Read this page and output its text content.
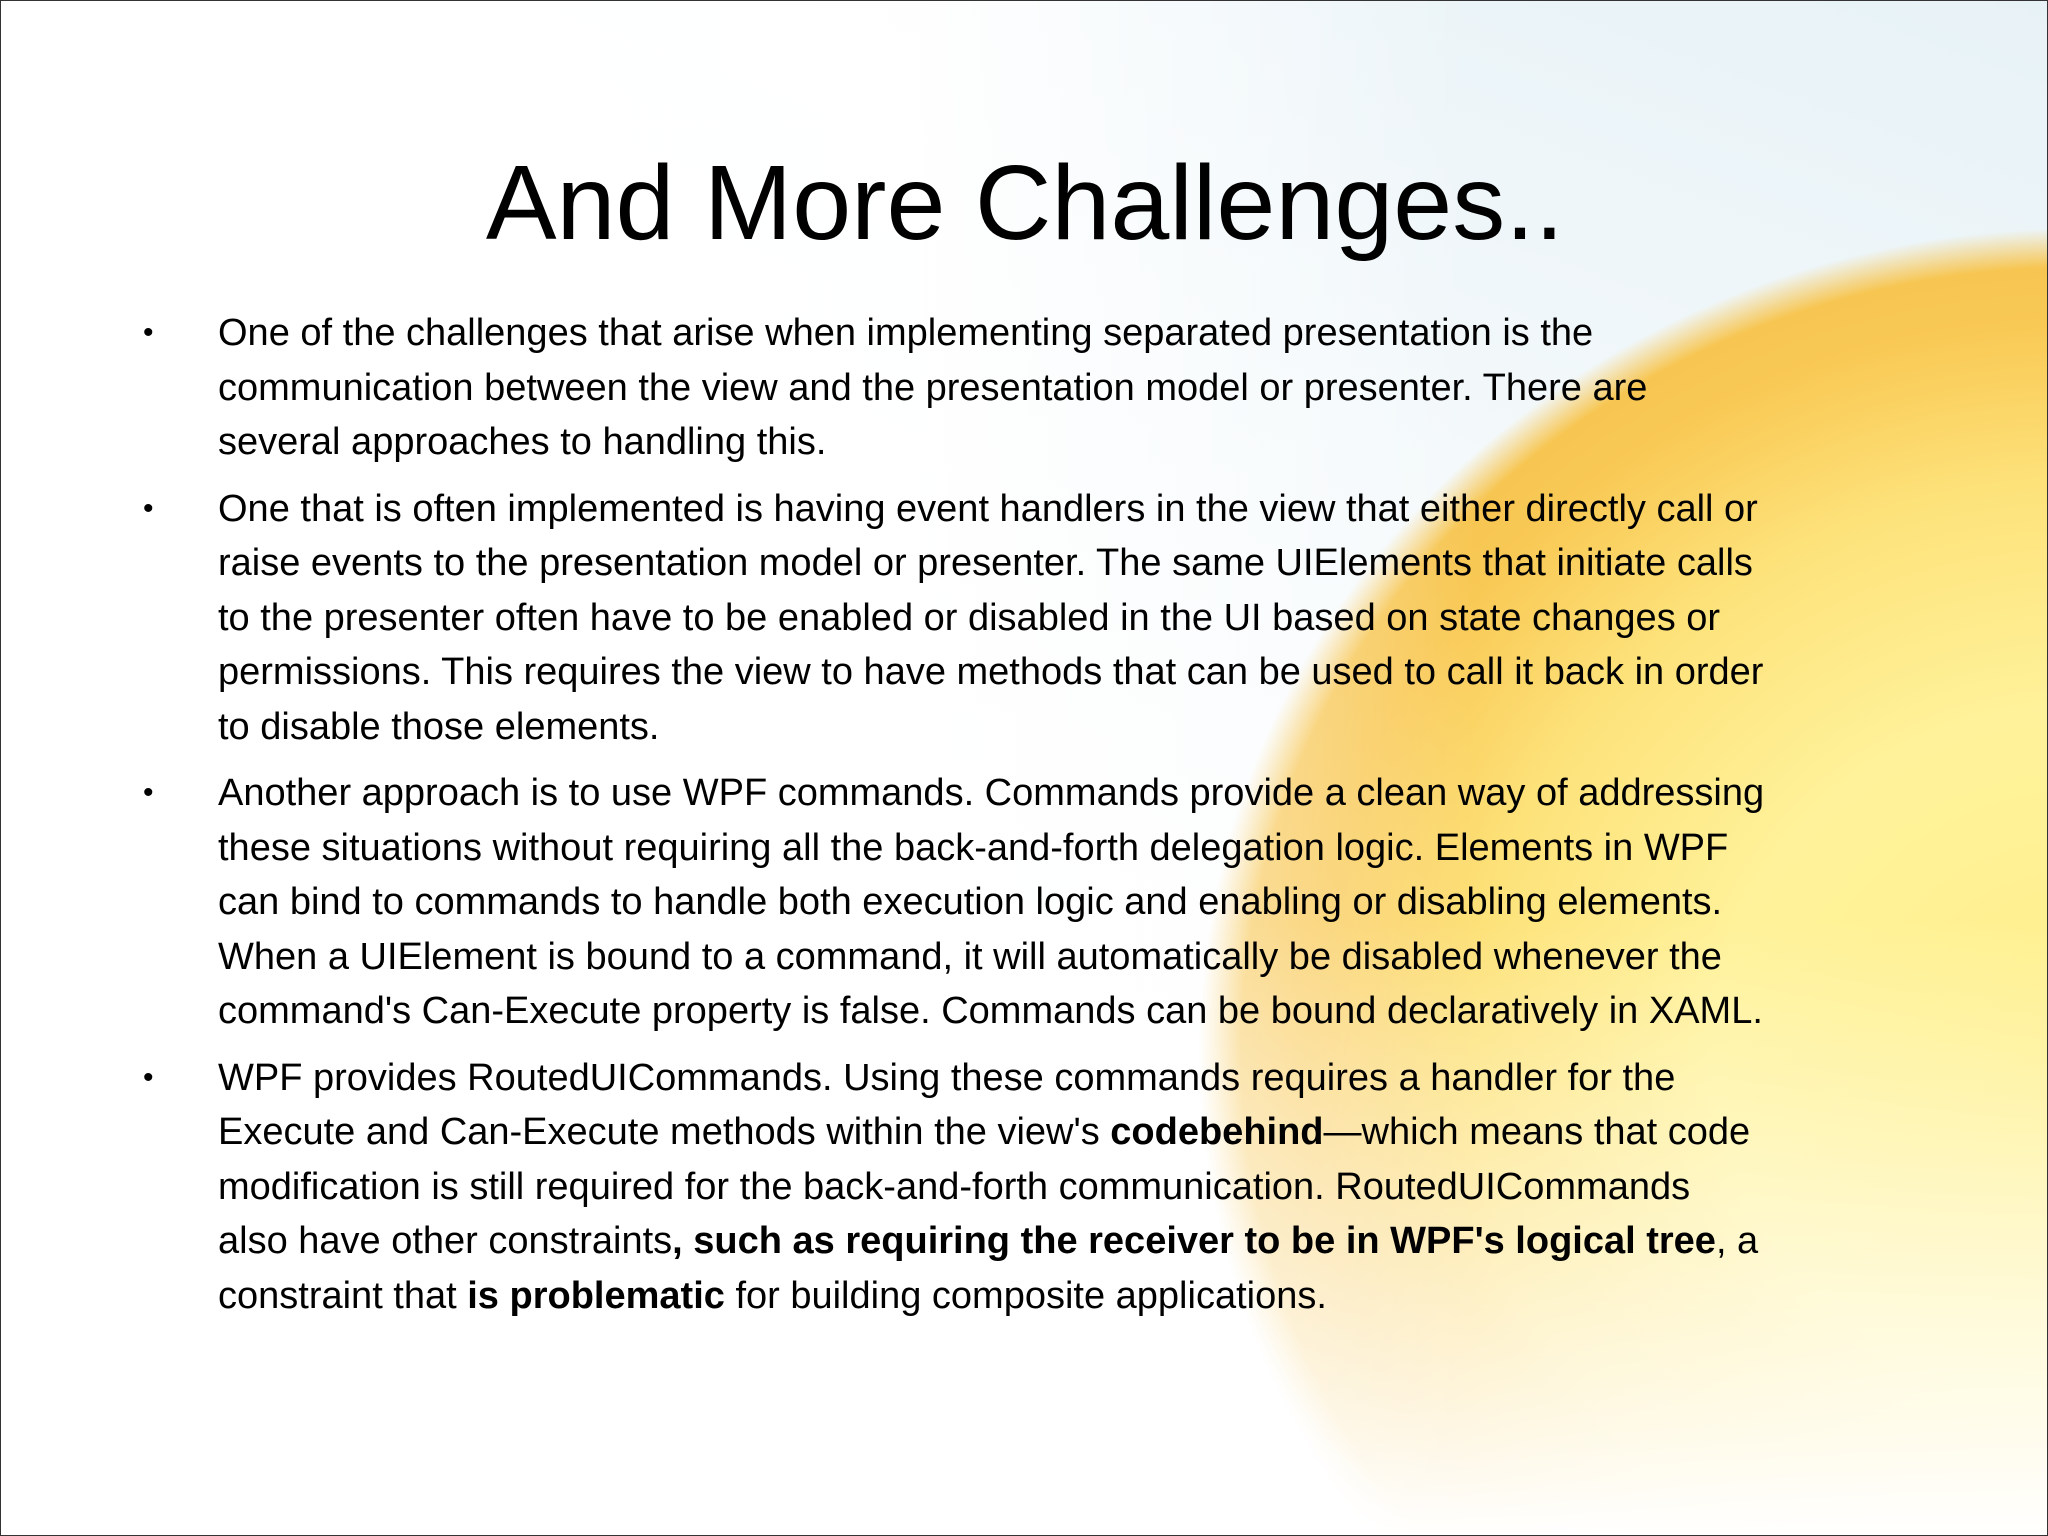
And More Challenges..
• One of the challenges that arise when implementing separated presentation is the
communication between the view and the presentation model or presenter. There are
several approaches to handling this.
• One that is often implemented is having event handlers in the view that either directly call or
raise events to the presentation model or presenter. The same UIElements that initiate calls
to the presenter often have to be enabled or disabled in the UI based on state changes or
permissions. This requires the view to have methods that can be used to call it back in order
to disable those elements.
• Another approach is to use WPF commands. Commands provide a clean way of addressing
these situations without requiring all the back-and-forth delegation logic. Elements in WPF
can bind to commands to handle both execution logic and enabling or disabling elements.
When a UIElement is bound to a command, it will automatically be disabled whenever the
command's Can-Execute property is false. Commands can be bound declaratively in XAML.
• WPF provides RoutedUICommands. Using these commands requires a handler for the
Execute and Can-Execute methods within the view's codebehind—which means that code
modification is still required for the back-and-forth communication. RoutedUICommands
also have other constraints, such as requiring the receiver to be in WPF's logical tree, a
constraint that is problematic for building composite applications.
